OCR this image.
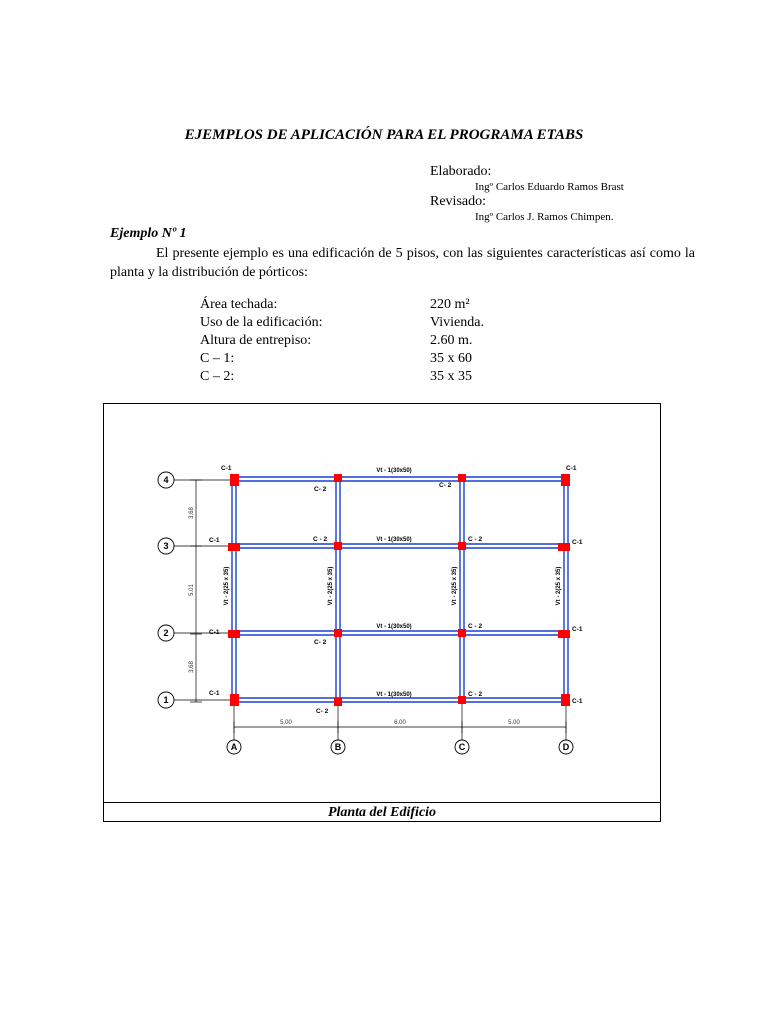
EJEMPLOS DE APLICACIÓN PARA EL PROGRAMA ETABS
Elaborado:
Ingº Carlos Eduardo Ramos Brast
Revisado:
Ingº Carlos J. Ramos Chimpen.
Ejemplo Nº 1
El presente ejemplo es una edificación de 5 pisos, con las siguientes características así como la planta y la distribución de pórticos:
Área techada:	220 m²
Uso de la edificación:	Vivienda.
Altura de entrepiso:	2.60 m.
C – 1:	35 x 60
C – 2:	35 x 35
4
3
2
1
A	B	C	D
3.68
5.01
3.68
5.00	6.00	5.00
Vt - 1(30x50)
Vt - 1(30x50)
Vt - 1(30x50)
Vt - 1(30x50)
Vt - 2(25 x 35)	Vt - 2(25 x 35)	Vt - 2(25 x 35)	Vt - 2(25 x 35)
C-1	C-1
C- 2
C- 2
C-1	C - 2	C - 2	C-1
C-1
C- 2
C - 2	C-1
C-1
C- 2
C - 2
C-1
Planta del Edificio
